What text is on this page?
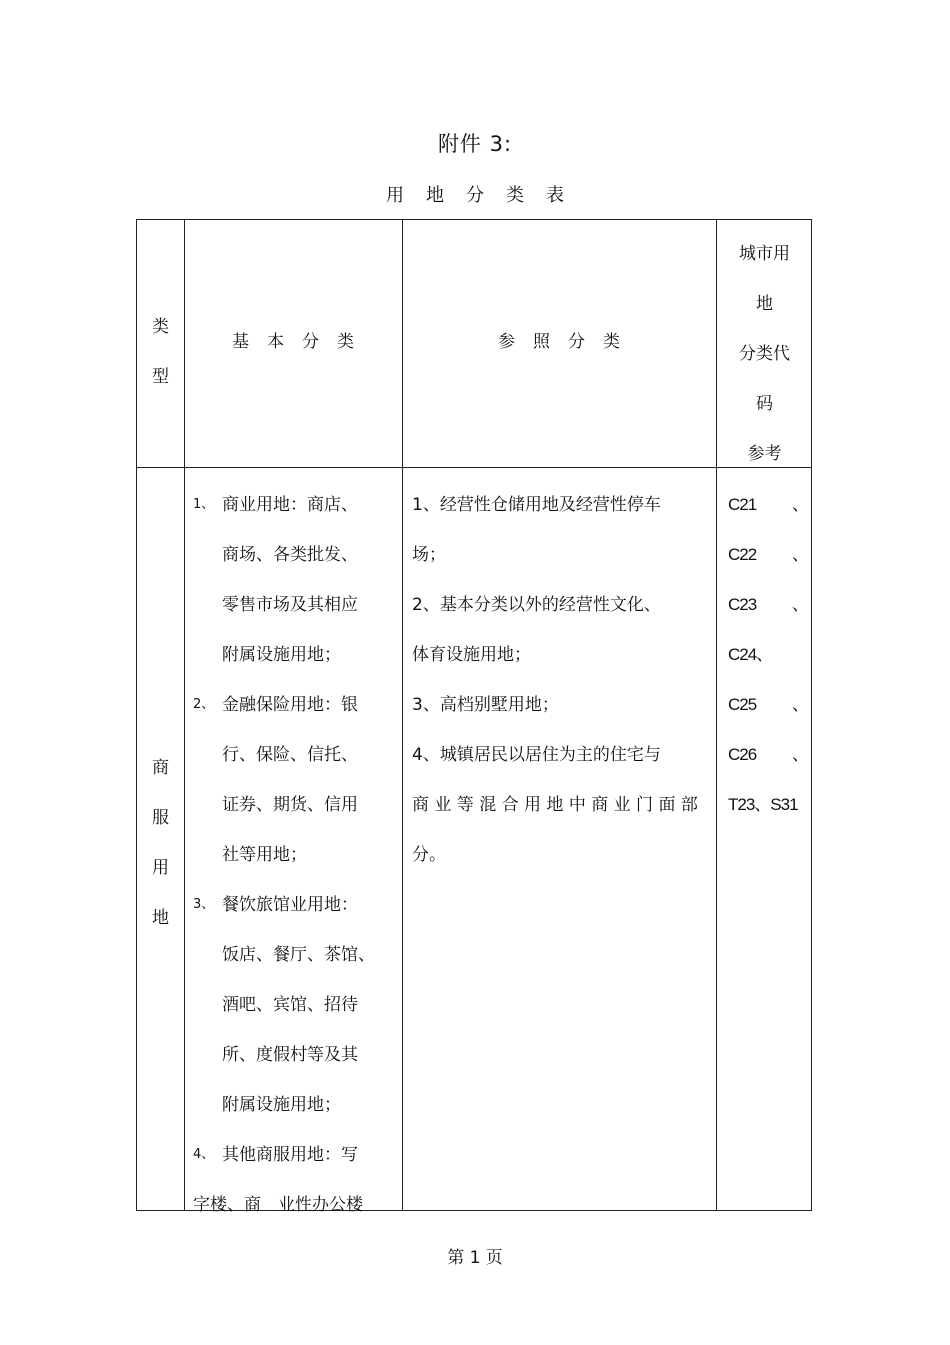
附件 3:
用地分类表
类
型
基本分类	参照分类
城市用
地
分类代
码
参考
商
服
用
地
1、 商业用地：商店、
商场、各类批发、
零售市场及其相应
附属设施用地；
2、 金融保险用地：银
行、保险、信托、
证券、期货、信用
社等用地；
3、 餐饮旅馆业用地：
饭店、餐厅、茶馆、
酒吧、宾馆、招待
所、度假村等及其
附属设施用地；
4、 其他商服用地：写
字楼、商　业性办公楼
1、经营性仓储用地及经营性停车
场；
2、基本分类以外的经营性文化、
体育设施用地；
3、高档别墅用地；
4、城镇居民以居住为主的住宅与
商 业 等 混 合 用 地 中 商 业 门 面 部
分。
C21 、
C22 、
C23 、
C24、
C25 、
C26 、
T23、S31
第 1 页
